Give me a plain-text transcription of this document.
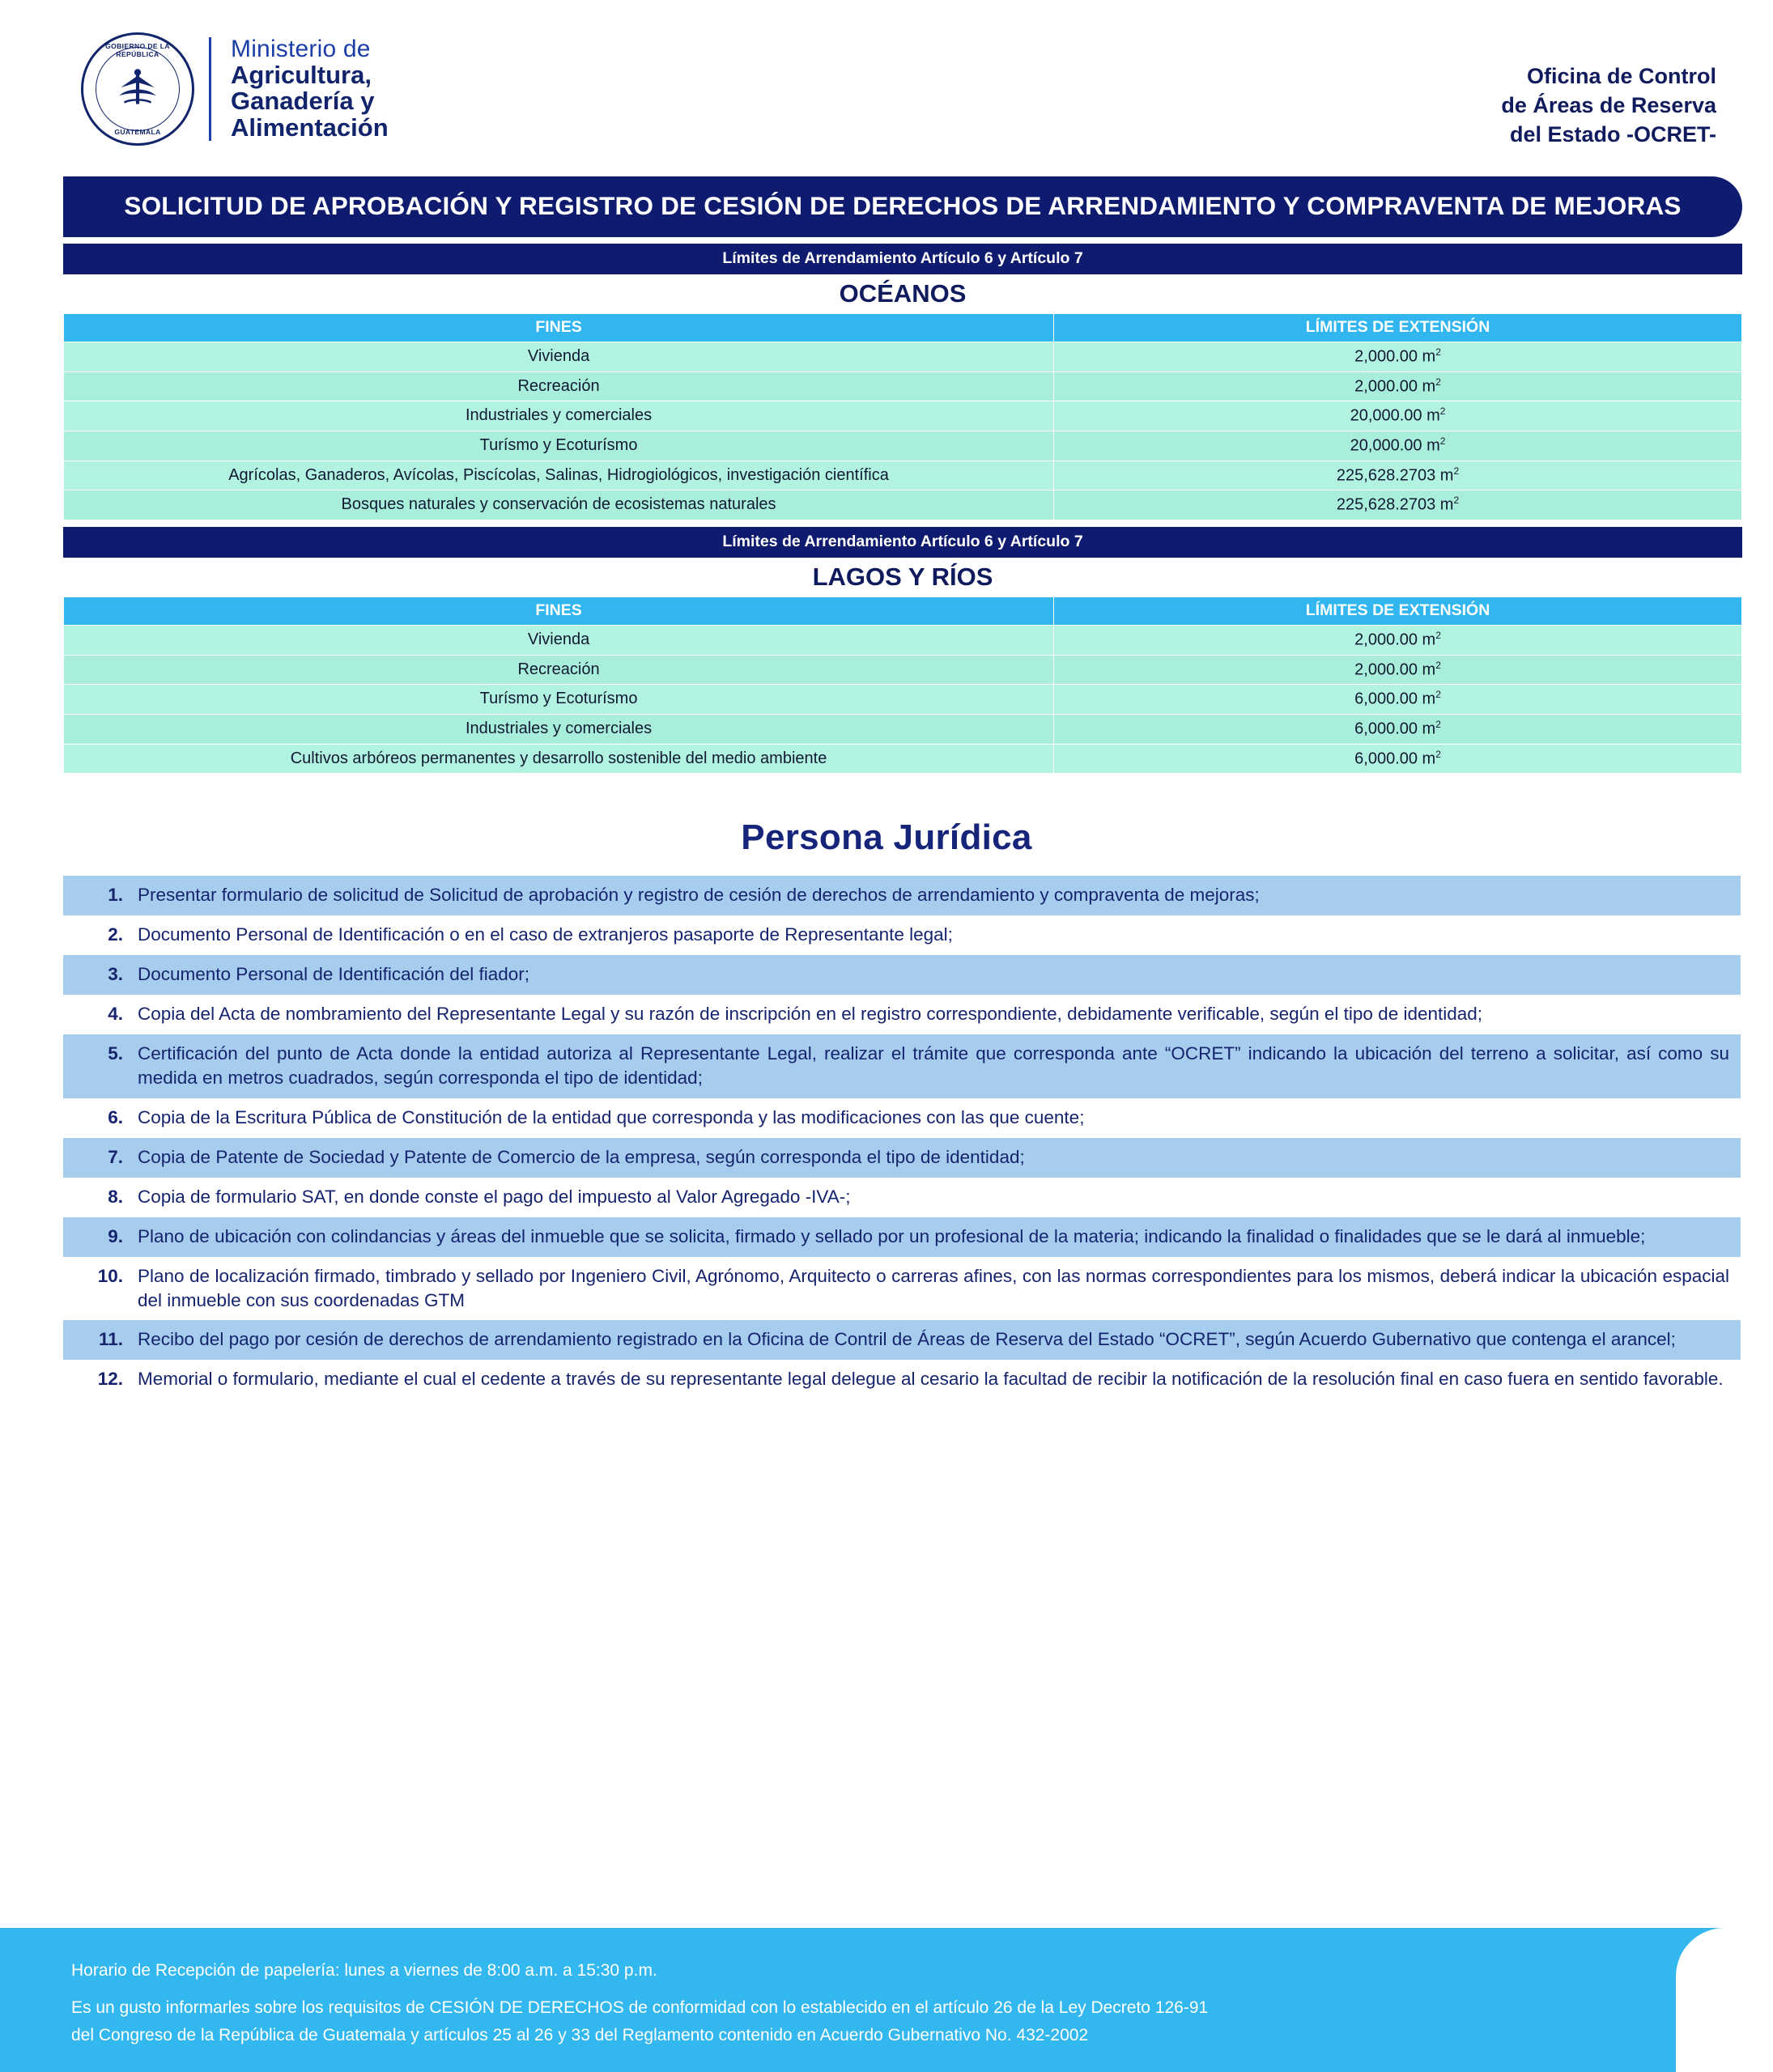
GOBIERNO DE LA REPÚBLICA
GUATEMALA
Ministerio de
Agricultura,
Ganadería y
Alimentación
Oficina de Control
de Áreas de Reserva
del Estado -OCRET-
SOLICITUD DE APROBACIÓN Y REGISTRO DE CESIÓN DE DERECHOS DE ARRENDAMIENTO Y COMPRAVENTA DE MEJORAS
Límites de Arrendamiento Artículo 6 y Artículo 7
OCÉANOS
FINES	LÍMITES DE EXTENSIÓN
Vivienda	2,000.00 $m^2$
Recreación	2,000.00 $m^2$
Industriales y comerciales	20,000.00 $m^2$
Turísmo y Ecoturísmo	20,000.00 $m^2$
Agrícolas, Ganaderos, Avícolas, Piscícolas, Salinas, Hidrogiológicos, investigación científica	225,628.2703 $m^2$
Bosques naturales y conservación de ecosistemas naturales	225,628.2703 $m^2$
Límites de Arrendamiento Artículo 6 y Artículo 7
LAGOS Y RÍOS
FINES	LÍMITES DE EXTENSIÓN
Vivienda	2,000.00 $m^2$
Recreación	2,000.00 $m^2$
Turísmo y Ecoturísmo	6,000.00 $m^2$
Industriales y comerciales	6,000.00 $m^2$
Cultivos arbóreos permanentes y desarrollo sostenible del medio ambiente	6,000.00 $m^2$
Persona Jurídica
1. Presentar formulario de solicitud de Solicitud de aprobación y registro de cesión de derechos de arrendamiento y compraventa de mejoras;
2. Documento Personal de Identificación o en el caso de extranjeros pasaporte de Representante legal;
3. Documento Personal de Identificación del fiador;
4. Copia del Acta de nombramiento del Representante Legal y su razón de inscripción en el registro correspondiente, debidamente verificable, según el tipo de identidad;
5. Certificación del punto de Acta donde la entidad autoriza al Representante Legal, realizar el trámite que corresponda ante “OCRET” indicando la ubicación del terreno a solicitar, así como su medida en metros cuadrados, según corresponda el tipo de identidad;
6. Copia de la Escritura Pública de Constitución de la entidad que corresponda y las modificaciones con las que cuente;
7. Copia de Patente de Sociedad y Patente de Comercio de la empresa, según corresponda el tipo de identidad;
8. Copia de formulario SAT, en donde conste el pago del impuesto al Valor Agregado -IVA-;
9. Plano de ubicación con colindancias y áreas del inmueble que se solicita, firmado y sellado por un profesional de la materia; indicando la finalidad o finalidades que se le dará al inmueble;
10. Plano de localización firmado, timbrado y sellado por Ingeniero Civil, Agrónomo, Arquitecto o carreras afines, con las normas correspondientes para los mismos, deberá indicar la ubicación espacial del inmueble con sus coordenadas GTM
11. Recibo del pago por cesión de derechos de arrendamiento registrado en la Oficina de Contril de Áreas de Reserva del Estado “OCRET”, según Acuerdo Gubernativo que contenga el arancel;
12. Memorial o formulario, mediante el cual el cedente a través de su representante legal delegue al cesario la facultad de recibir la notificación de la resolución final en caso fuera en sentido favorable.
Horario de Recepción de papelería: lunes a viernes de 8:00 a.m. a 15:30 p.m.
Es un gusto informarles sobre los requisitos de CESIÓN DE DERECHOS de conformidad con lo establecido en el artículo 26 de la Ley Decreto 126-91
del Congreso de la República de Guatemala y artículos 25 al 26 y 33 del Reglamento contenido en Acuerdo Gubernativo No. 432-2002
